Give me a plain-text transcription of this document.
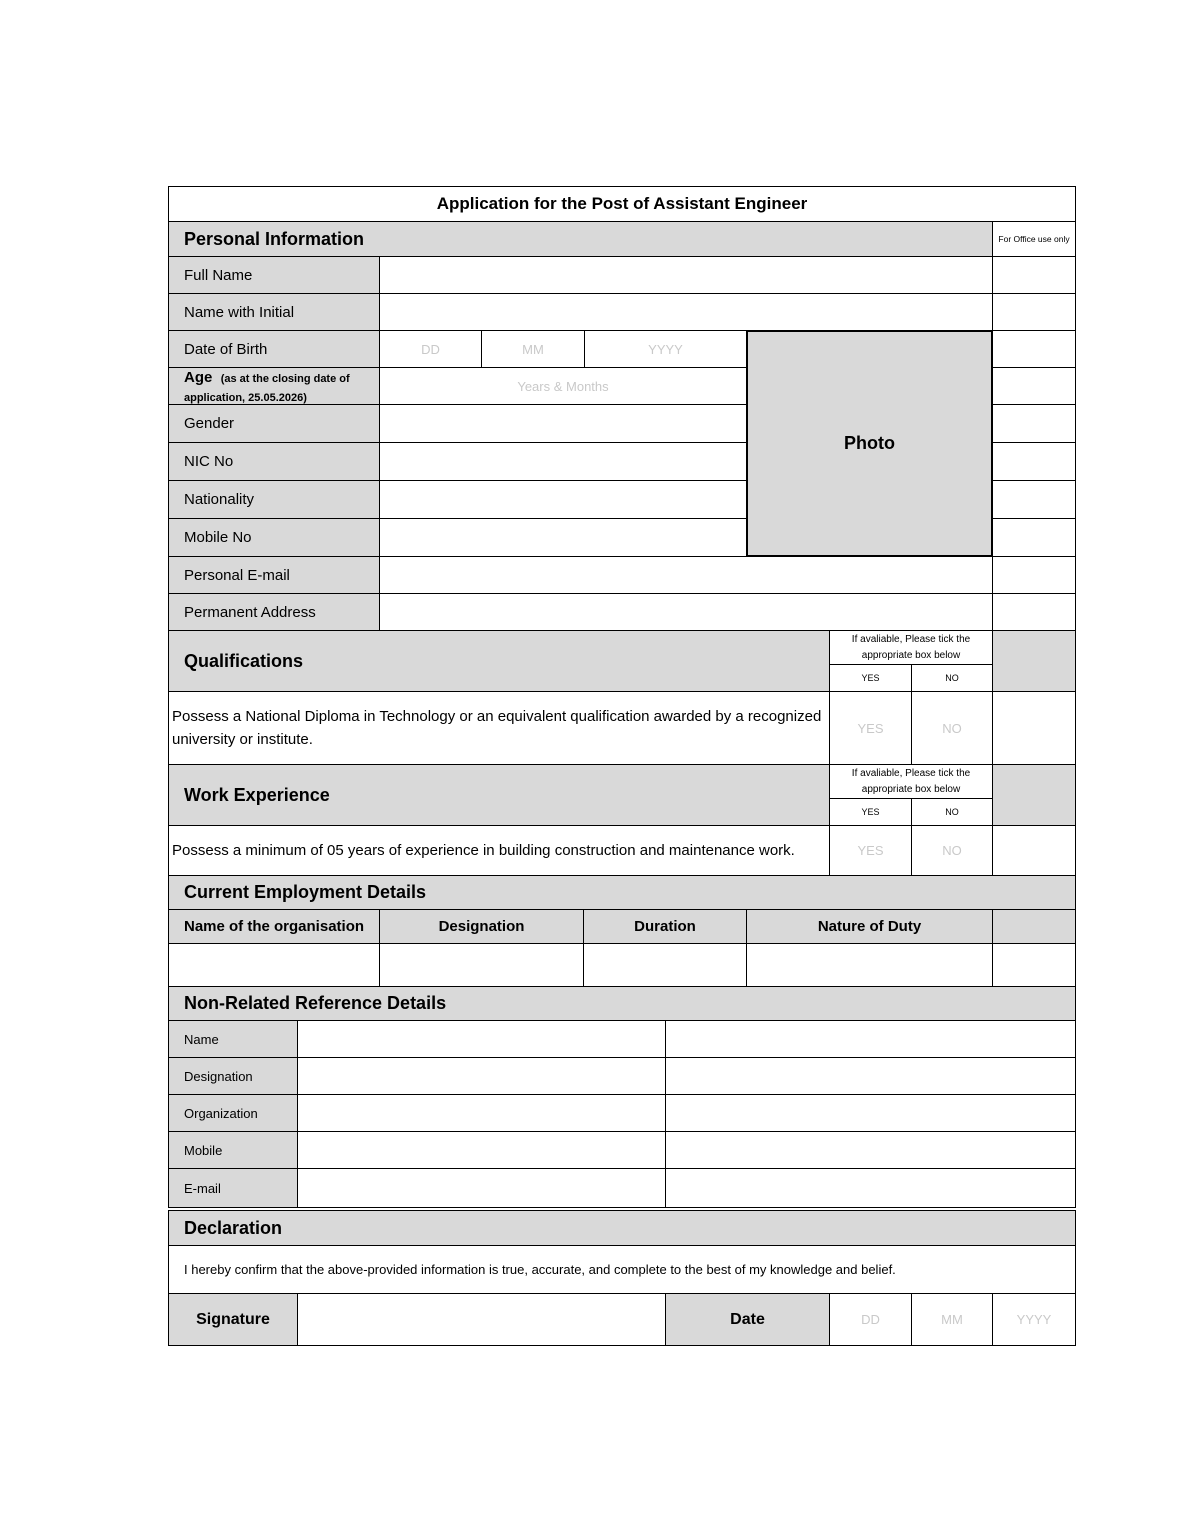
Application for the Post of Assistant Engineer
Personal Information	For Office use only
Full Name
Name with Initial
Date of Birth	DD	MM	YYYY
Age (as at the closing date of application, 25.05.2026)
Years & Months
Gender
NIC No
Nationality
Mobile No
Photo
Personal E-mail
Permanent Address
Qualifications
If avaliable, Please tick the appropriate box below
YES	NO
Possess a National Diploma in Technology or an equivalent qualification awarded by a recognized university or institute.
YES	NO
Work Experience
If avaliable, Please tick the appropriate box below
YES	NO
Possess a minimum of 05 years of experience in building construction and maintenance work.	YES	NO
Current Employment Details
Name of the organisation	Designation	Duration	Nature of Duty
Non-Related Reference Details
Name
Designation
Organization
Mobile
E-mail
Declaration
I hereby confirm that the above-provided information is true, accurate, and complete to the best of my knowledge and belief.
Signature	Date	DD	MM	YYYY
